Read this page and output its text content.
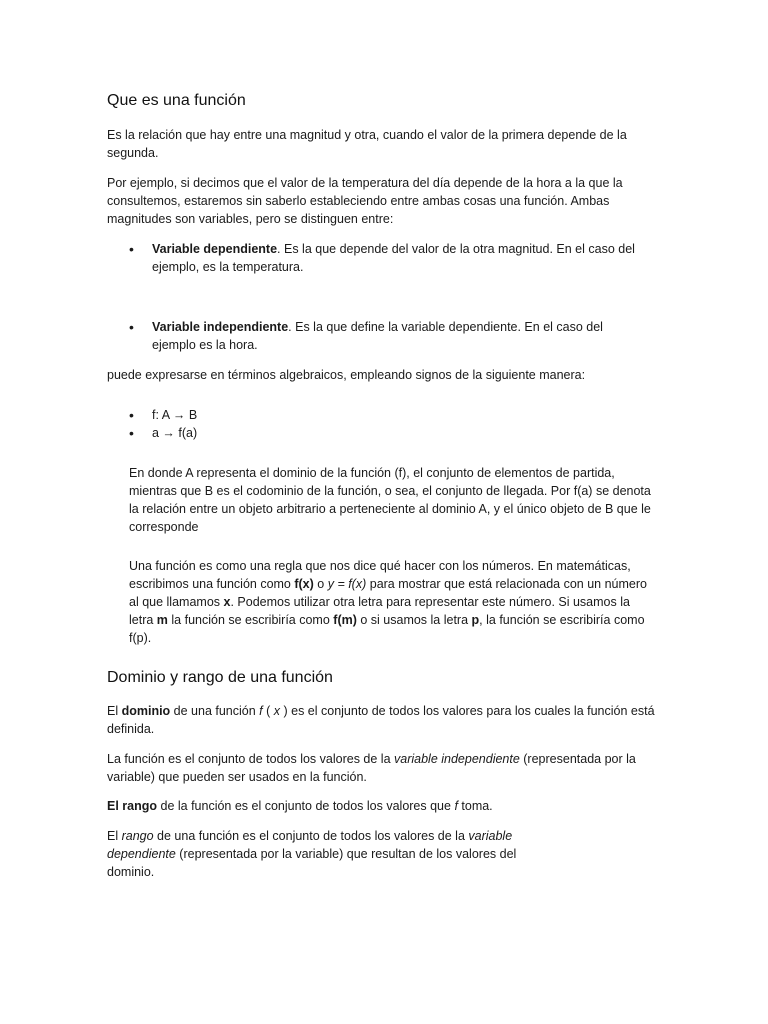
Que es una función

Es la relación que hay entre una magnitud y otra, cuando el valor de la primera depende de la segunda.

Por ejemplo, si decimos que el valor de la temperatura del día depende de la hora a la que la consultemos, estaremos sin saberlo estableciendo entre ambas cosas una función. Ambas magnitudes son variables, pero se distinguen entre:

• Variable dependiente. Es la que depende del valor de la otra magnitud. En el caso del ejemplo, es la temperatura.
• Variable independiente. Es la que define la variable dependiente. En el caso del ejemplo es la hora.

puede expresarse en términos algebraicos, empleando signos de la siguiente manera:

• f: A → B
• a → f(a)

En donde A representa el dominio de la función (f), el conjunto de elementos de partida, mientras que B es el codominio de la función, o sea, el conjunto de llegada. Por f(a) se denota la relación entre un objeto arbitrario a perteneciente al dominio A, y el único objeto de B que le corresponde

Una función es como una regla que nos dice qué hacer con los números. En matemáticas, escribimos una función como f(x) o y = f(x) para mostrar que está relacionada con un número al que llamamos x. Podemos utilizar otra letra para representar este número. Si usamos la letra m la función se escribiría como f(m) o si usamos la letra p, la función se escribiría como f(p).

Dominio y rango de una función

El dominio de una función f ( x ) es el conjunto de todos los valores para los cuales la función está definida.

La función es el conjunto de todos los valores de la variable independiente (representada por la variable) que pueden ser usados en la función.

El rango de la función es el conjunto de todos los valores que f toma.

El rango de una función es el conjunto de todos los valores de la variable dependiente (representada por la variable) que resultan de los valores del dominio.
